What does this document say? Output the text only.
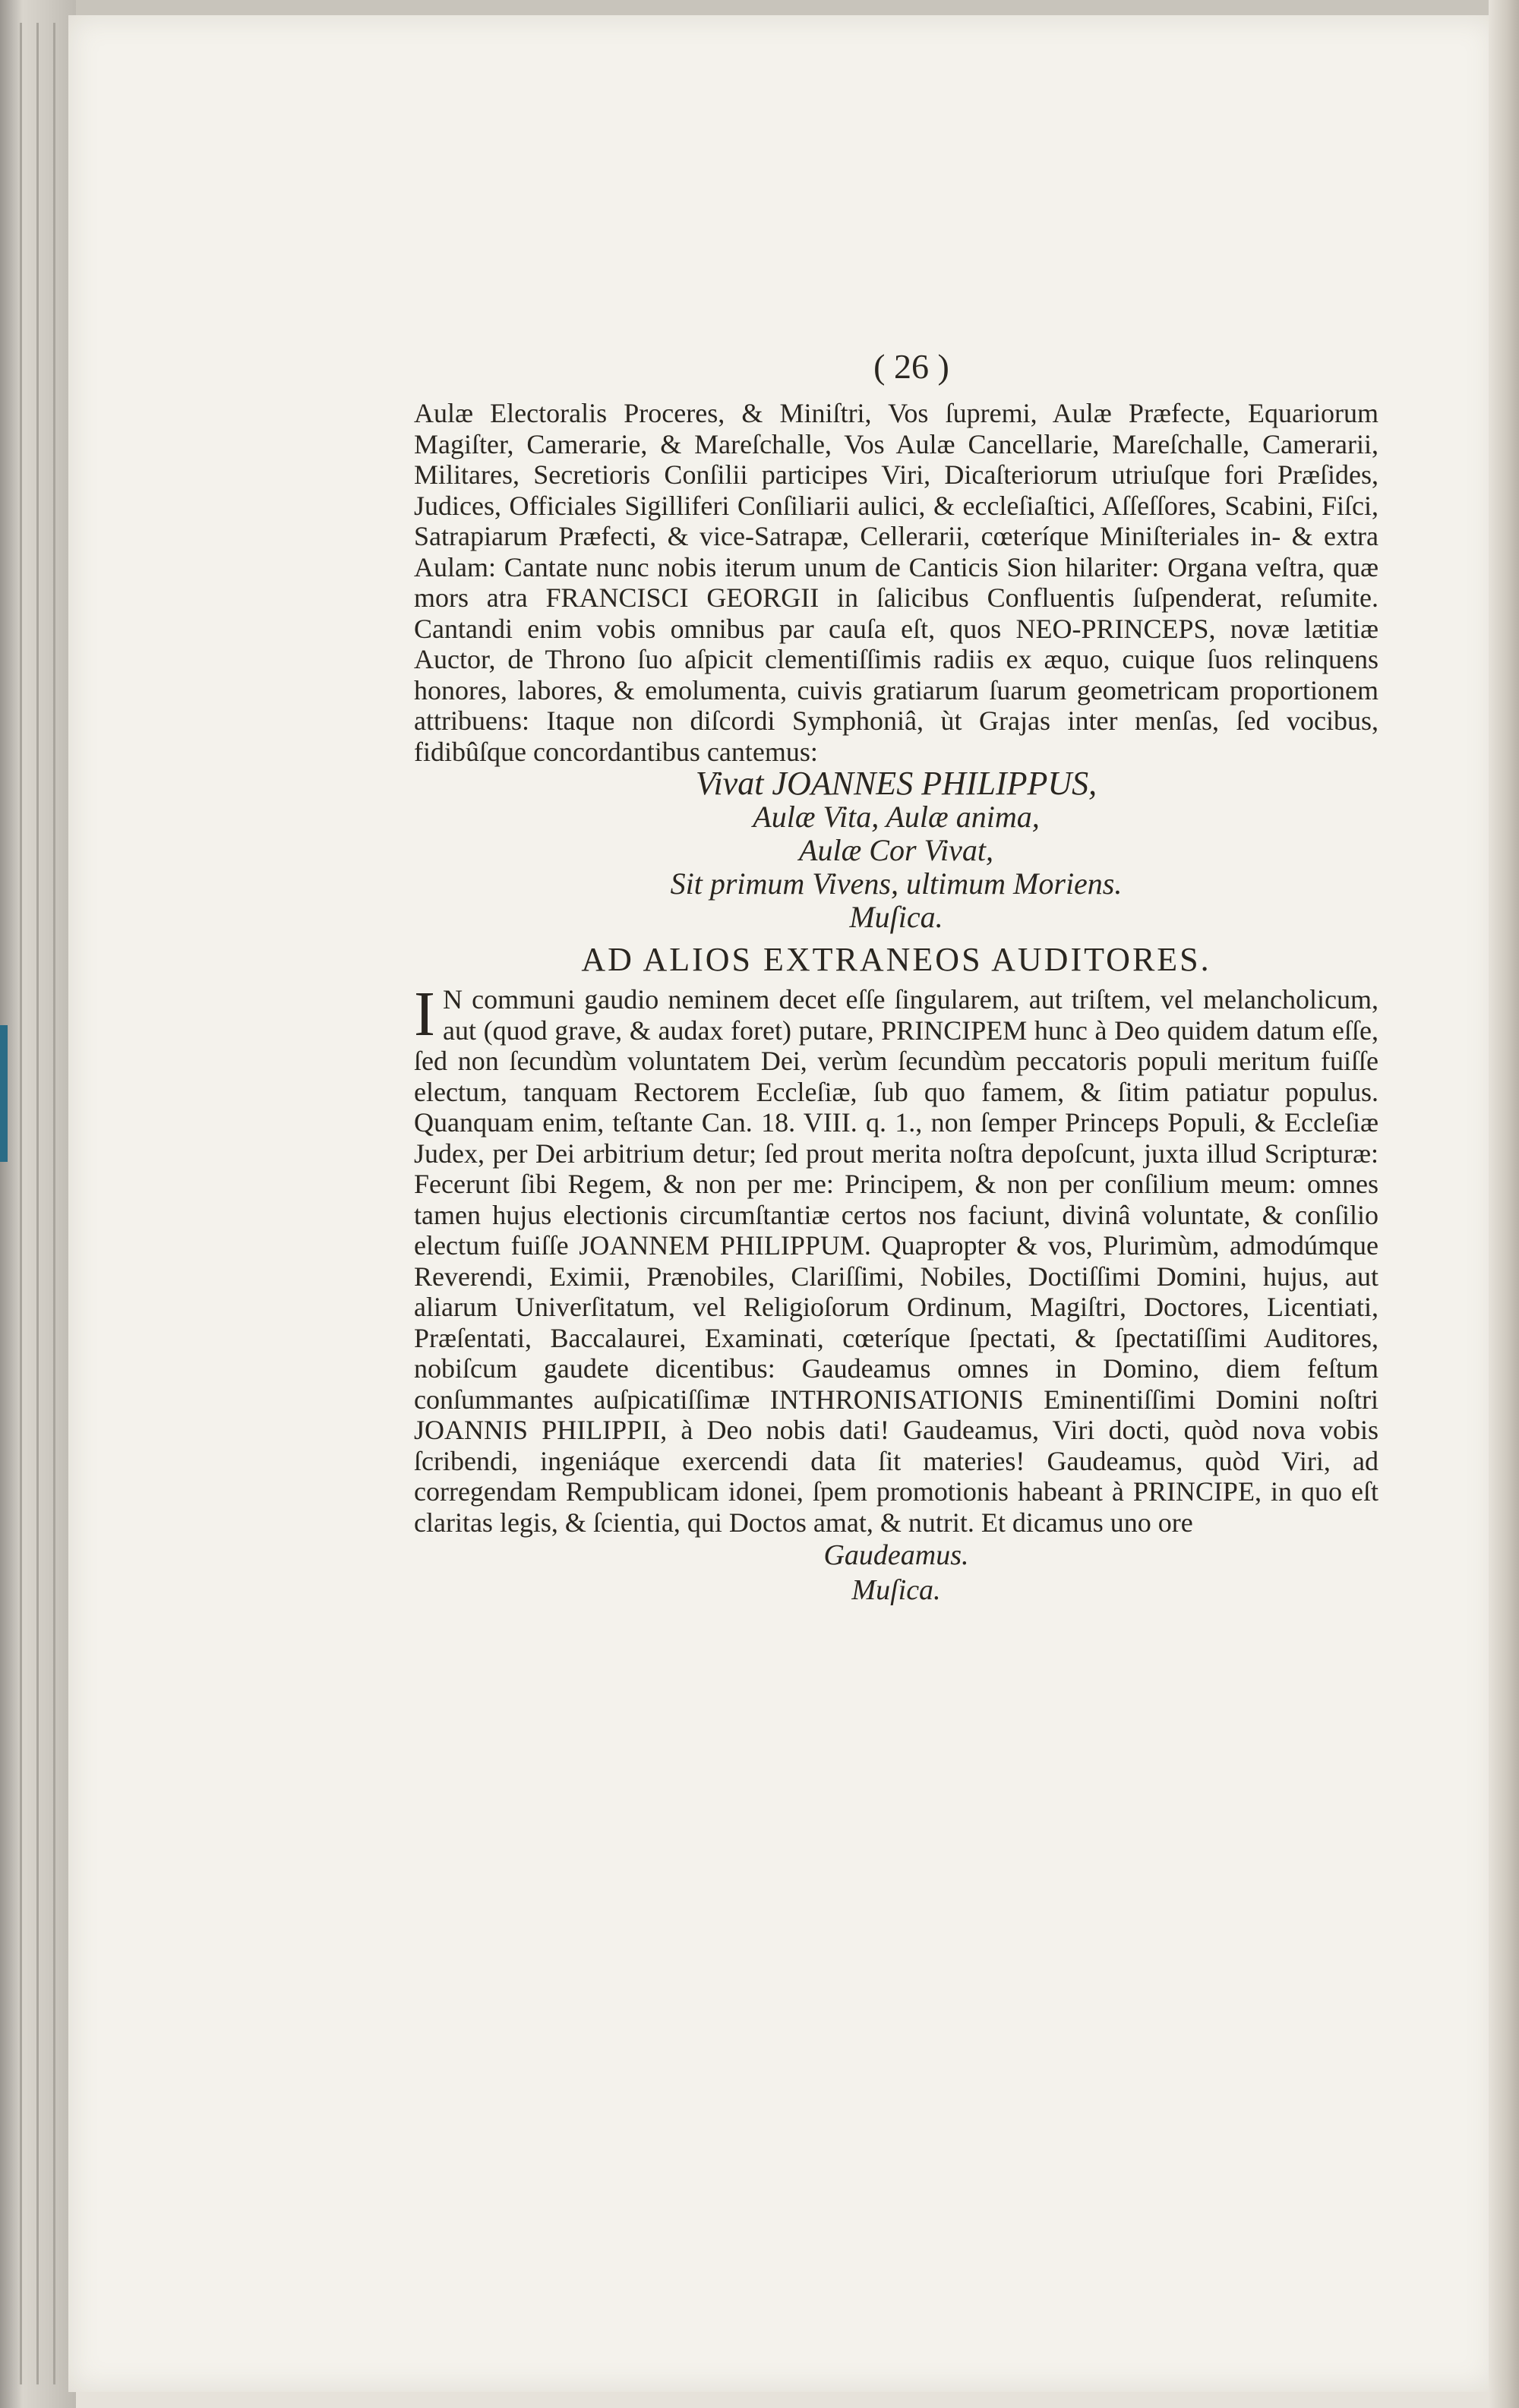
( 26 )

Aulæ Electoralis Proceres, & Miniſtri, Vos ſupremi, Aulæ Præfecte, Equariorum Magiſter, Camerarie, & Mareſchalle, Vos Aulæ Cancellarie, Mareſchalle, Camerarii, Militares, Secretioris Conſilii participes Viri, Dicaſteriorum utriuſque fori Præſides, Judices, Officiales Sigilliferi Conſiliarii aulici, & eccleſiaſtici, Aſſeſſores, Scabini, Fiſci, Satrapiarum Præfecti, & vice-Satrapæ, Cellerarii, cœteríque Miniſteriales in- & extra Aulam: Cantate nunc nobis iterum unum de Canticis Sion hilariter: Organa veſtra, quæ mors atra FRANCISCI GEORGII in ſalicibus Confluentis ſuſpenderat, reſumite. Cantandi enim vobis omnibus par cauſa eſt, quos NEO-PRINCEPS, novæ lætitiæ Auctor, de Throno ſuo aſpicit clementiſſimis radiis ex æquo, cuique ſuos relinquens honores, labores, & emolumenta, cuivis gratiarum ſuarum geometricam proportionem attribuens: Itaque non diſcordi Symphoniâ, ùt Grajas inter menſas, ſed vocibus, fidibûſque concordantibus cantemus:

Vivat JOANNES PHILIPPUS,

Aulæ Vita, Aulæ anima,

Aulæ Cor Vivat,

Sit primum Vivens, ultimum Moriens.

Muſica.

AD ALIOS EXTRANEOS AUDITORES.
I N communi gaudio neminem decet eſſe ſingularem, aut triſtem, vel melancholicum, aut (quod grave, & audax foret) putare, PRINCIPEM hunc à Deo quidem datum eſſe, ſed non ſecundùm voluntatem Dei, verùm ſecundùm peccatoris populi meritum fuiſſe electum, tanquam Rectorem Eccleſiæ, ſub quo famem, & ſitim patiatur populus. Quanquam enim, teſtante Can. 18. VIII. q. 1., non ſemper Princeps Populi, & Eccleſiæ Judex, per Dei arbitrium detur; ſed prout merita noſtra depoſcunt, juxta illud Scripturæ: Fecerunt ſibi Regem, & non per me: Principem, & non per conſilium meum: omnes tamen hujus electionis circumſtantiæ certos nos faciunt, divinâ voluntate, & conſilio electum fuiſſe JOANNEM PHILIPPUM. Quapropter & vos, Plurimùm, admodúmque Reverendi, Eximii, Prænobiles, Clariſſimi, Nobiles, Doctiſſimi Domini, hujus, aut aliarum Univerſitatum, vel Religioſorum Ordinum, Magiſtri, Doctores, Licentiati, Præſentati, Baccalaurei, Examinati, cœteríque ſpectati, & ſpectatiſſimi Auditores, nobiſcum gaudete dicentibus: Gaudeamus omnes in Domino, diem feſtum conſummantes auſpicatiſſimæ INTHRONISATIONIS Eminentiſſimi Domini noſtri JOANNIS PHILIPPII, à Deo nobis dati! Gaudeamus, Viri docti, quòd nova vobis ſcribendi, ingeniáque exercendi data ſit materies! Gaudeamus, quòd Viri, ad corregendam Rempublicam idonei, ſpem promotionis habeant à PRINCIPE, in quo eſt claritas legis, & ſcientia, qui Doctos amat, & nutrit. Et dicamus uno ore

Gaudeamus.

Muſica.
